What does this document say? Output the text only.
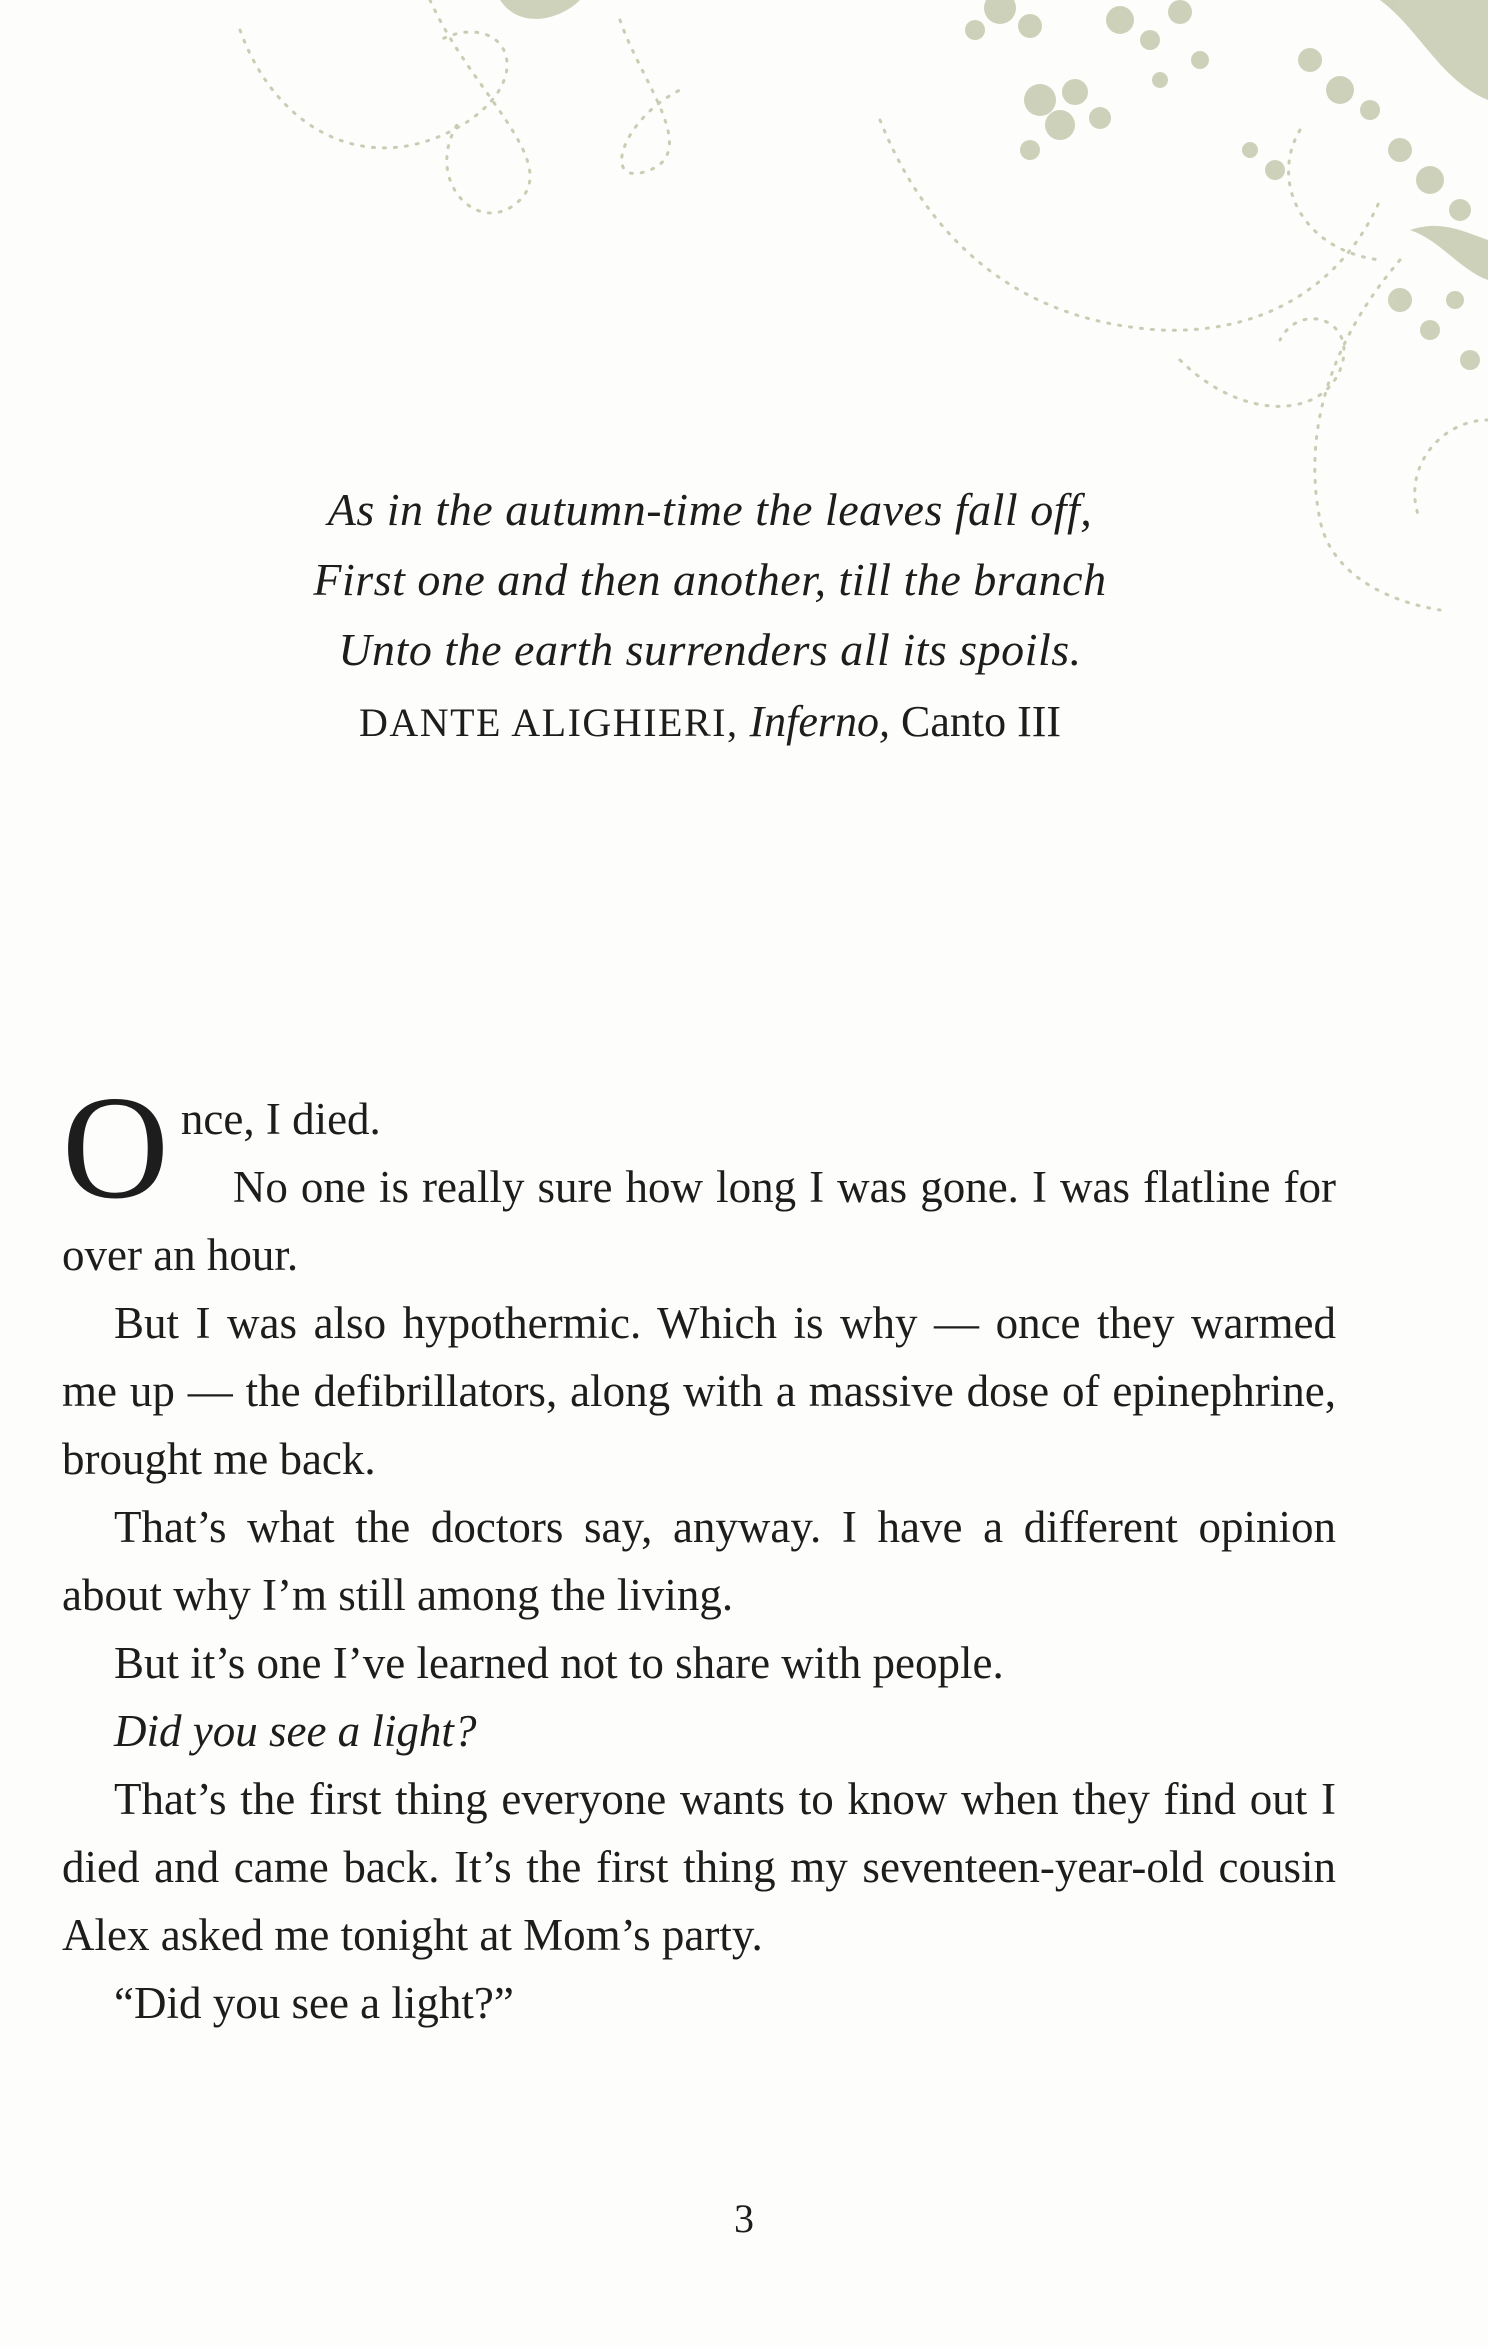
As in the autumn-time the leaves fall off,
First one and then another, till the branch
Unto the earth surrenders all its spoils.
DANTE ALIGHIERI, Inferno, Canto III

Once, I died.

No one is really sure how long I was gone. I was flatline for over an hour.

But I was also hypothermic. Which is why — once they warmed me up — the defibrillators, along with a massive dose of epinephrine, brought me back.

That’s what the doctors say, anyway. I have a different opinion about why I’m still among the living.

But it’s one I’ve learned not to share with people.

Did you see a light?

That’s the first thing everyone wants to know when they find out I died and came back. It’s the first thing my seventeen-year-old cousin Alex asked me tonight at Mom’s party.

“Did you see a light?”

3
